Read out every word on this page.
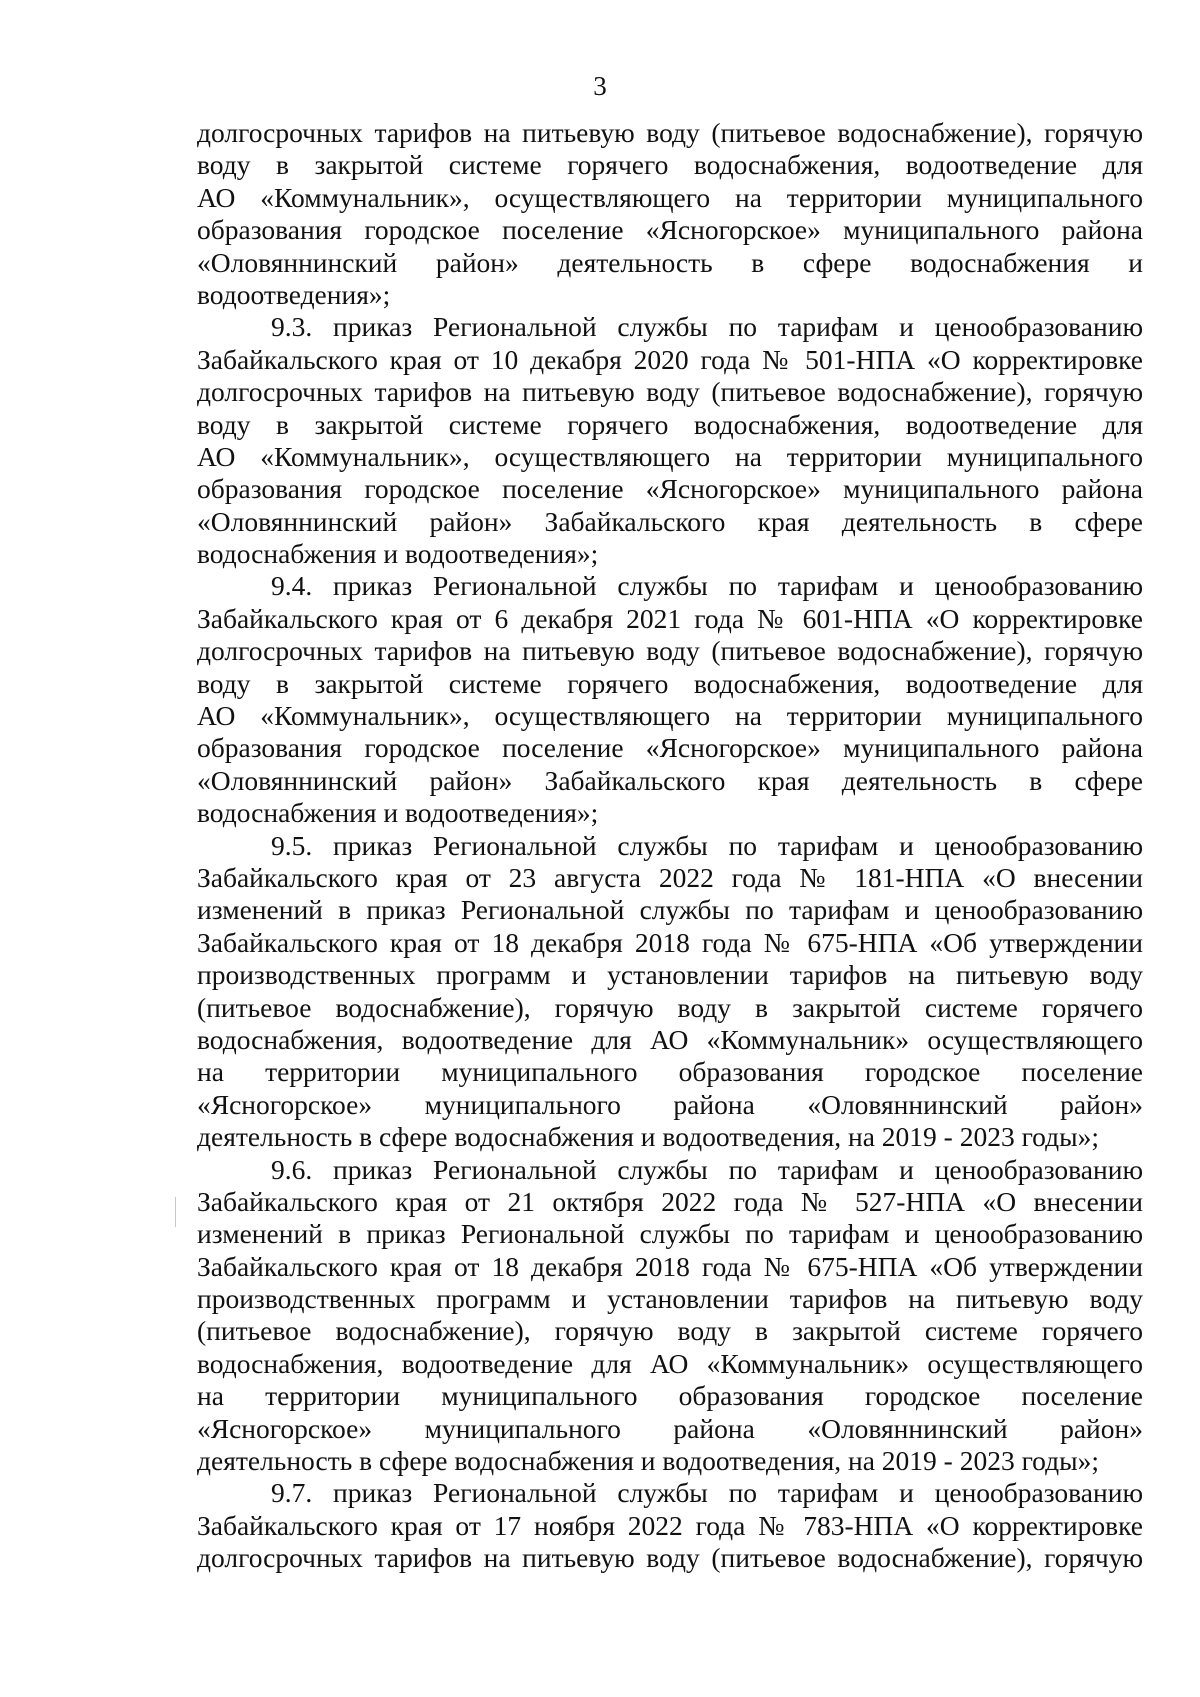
3

долгосрочных тарифов на питьевую воду (питьевое водоснабжение), горячую
воду в закрытой системе горячего водоснабжения, водоотведение для
АО «Коммунальник», осуществляющего на территории муниципального
образования городское поселение «Ясногорское» муниципального района
«Оловяннинский район» деятельность в сфере водоснабжения и
водоотведения»;
9.3. приказ Региональной службы по тарифам и ценообразованию
Забайкальского края от 10 декабря 2020 года № 501-НПА «О корректировке
долгосрочных тарифов на питьевую воду (питьевое водоснабжение), горячую
воду в закрытой системе горячего водоснабжения, водоотведение для
АО «Коммунальник», осуществляющего на территории муниципального
образования городское поселение «Ясногорское» муниципального района
«Оловяннинский район» Забайкальского края деятельность в сфере
водоснабжения и водоотведения»;
9.4. приказ Региональной службы по тарифам и ценообразованию
Забайкальского края от 6 декабря 2021 года № 601-НПА «О корректировке
долгосрочных тарифов на питьевую воду (питьевое водоснабжение), горячую
воду в закрытой системе горячего водоснабжения, водоотведение для
АО «Коммунальник», осуществляющего на территории муниципального
образования городское поселение «Ясногорское» муниципального района
«Оловяннинский район» Забайкальского края деятельность в сфере
водоснабжения и водоотведения»;
9.5. приказ Региональной службы по тарифам и ценообразованию
Забайкальского края от 23 августа 2022 года № 181-НПА «О внесении
изменений в приказ Региональной службы по тарифам и ценообразованию
Забайкальского края от 18 декабря 2018 года № 675-НПА «Об утверждении
производственных программ и установлении тарифов на питьевую воду
(питьевое водоснабжение), горячую воду в закрытой системе горячего
водоснабжения, водоотведение для АО «Коммунальник» осуществляющего
на территории муниципального образования городское поселение
«Ясногорское» муниципального района «Оловяннинский район»
деятельность в сфере водоснабжения и водоотведения, на 2019 - 2023 годы»;
9.6. приказ Региональной службы по тарифам и ценообразованию
Забайкальского края от 21 октября 2022 года № 527-НПА «О внесении
изменений в приказ Региональной службы по тарифам и ценообразованию
Забайкальского края от 18 декабря 2018 года № 675-НПА «Об утверждении
производственных программ и установлении тарифов на питьевую воду
(питьевое водоснабжение), горячую воду в закрытой системе горячего
водоснабжения, водоотведение для АО «Коммунальник» осуществляющего
на территории муниципального образования городское поселение
«Ясногорское» муниципального района «Оловяннинский район»
деятельность в сфере водоснабжения и водоотведения, на 2019 - 2023 годы»;
9.7. приказ Региональной службы по тарифам и ценообразованию
Забайкальского края от 17 ноября 2022 года № 783-НПА «О корректировке
долгосрочных тарифов на питьевую воду (питьевое водоснабжение), горячую
